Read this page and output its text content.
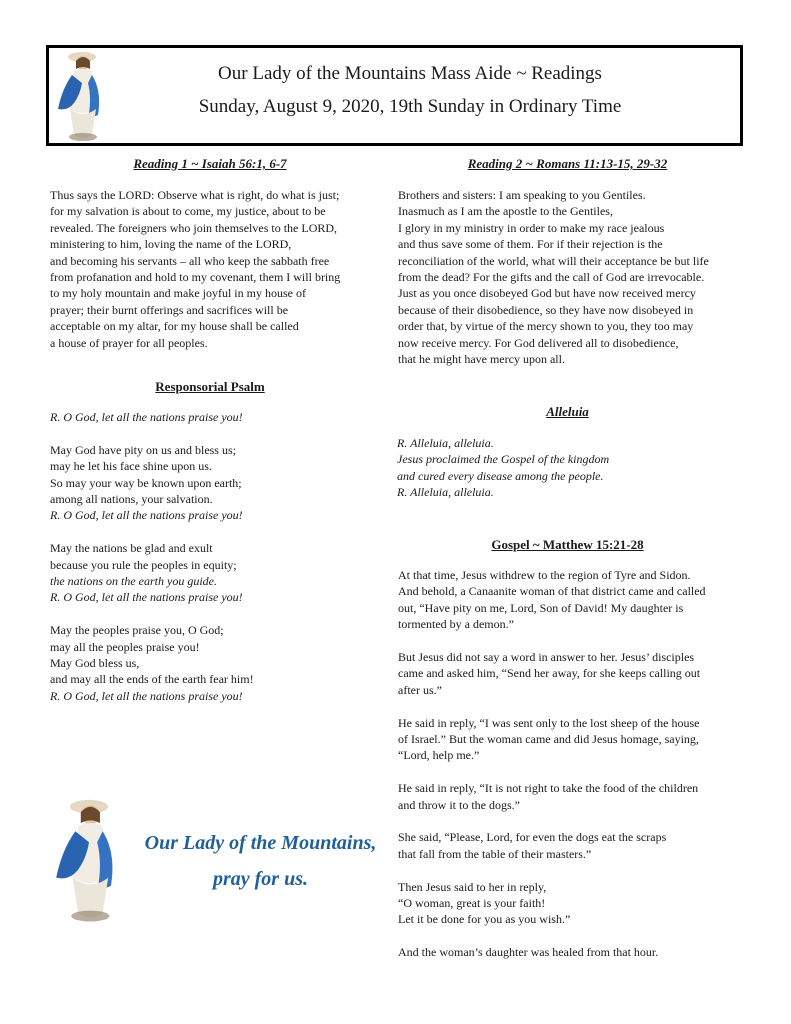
Our Lady of the Mountains Mass Aide ~ Readings
Sunday, August 9, 2020, 19th Sunday in Ordinary Time
Reading 1 ~ Isaiah 56:1, 6-7
Thus says the LORD: Observe what is right, do what is just;
for my salvation is about to come, my justice, about to be
revealed. The foreigners who join themselves to the LORD,
ministering to him, loving the name of the LORD,
and becoming his servants – all who keep the sabbath free
from profanation and hold to my covenant, them I will bring
to my holy mountain and make joyful in my house of
prayer; their burnt offerings and sacrifices will be
acceptable on my altar, for my house shall be called
a house of prayer for all peoples.
Responsorial Psalm
R. O God, let all the nations praise you!
May God have pity on us and bless us;
may he let his face shine upon us.
So may your way be known upon earth;
among all nations, your salvation.
R. O God, let all the nations praise you!
May the nations be glad and exult
because you rule the peoples in equity;
the nations on the earth you guide.
R. O God, let all the nations praise you!
May the peoples praise you, O God;
may all the peoples praise you!
May God bless us,
and may all the ends of the earth fear him!
R. O God, let all the nations praise you!
Our Lady of the Mountains,
pray for us.
Reading 2 ~ Romans 11:13-15, 29-32
Brothers and sisters: I am speaking to you Gentiles.
Inasmuch as I am the apostle to the Gentiles,
I glory in my ministry in order to make my race jealous
and thus save some of them. For if their rejection is the
reconciliation of the world, what will their acceptance be but life
from the dead? For the gifts and the call of God are irrevocable.
Just as you once disobeyed God but have now received mercy
because of their disobedience, so they have now disobeyed in
order that, by virtue of the mercy shown to you, they too may
now receive mercy. For God delivered all to disobedience,
that he might have mercy upon all.
Alleluia
R. Alleluia, alleluia.
Jesus proclaimed the Gospel of the kingdom
and cured every disease among the people.
R. Alleluia, alleluia.
Gospel ~ Matthew 15:21-28
At that time, Jesus withdrew to the region of Tyre and Sidon.
And behold, a Canaanite woman of that district came and called
out, “Have pity on me, Lord, Son of David! My daughter is
tormented by a demon.”
But Jesus did not say a word in answer to her. Jesus’ disciples
came and asked him, “Send her away, for she keeps calling out
after us.”
He said in reply, “I was sent only to the lost sheep of the house
of Israel.” But the woman came and did Jesus homage, saying,
“Lord, help me.”
He said in reply, “It is not right to take the food of the children
and throw it to the dogs.”
She said, “Please, Lord, for even the dogs eat the scraps
that fall from the table of their masters.”
Then Jesus said to her in reply,
“O woman, great is your faith!
Let it be done for you as you wish.”
And the woman’s daughter was healed from that hour.
